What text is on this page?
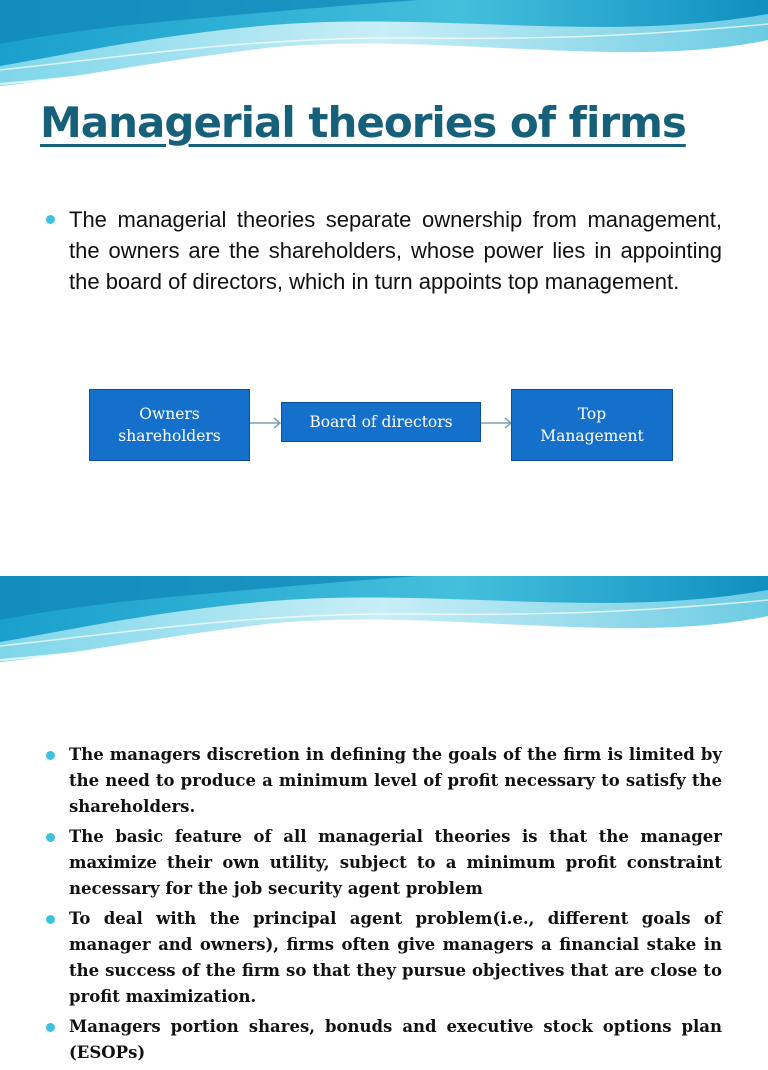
Managerial theories of firms
The managerial theories separate ownership from management, the owners are the shareholders, whose power lies in appointing the board of directors, which in turn appoints top management.
Owners
shareholders
Board of directors	Top
Management
The managers discretion in defining the goals of the firm is limited by the need to produce a minimum level of profit necessary to satisfy the shareholders.
The basic feature of all managerial theories is that the manager maximize their own utility, subject to a minimum profit constraint necessary for the job security agent problem
To deal with the principal agent problem(i.e., different goals of manager and owners), firms often give managers a financial stake in the success of the firm so that they pursue objectives that are close to profit maximization.
Managers portion shares, bonuds and executive stock options plan (ESOPs)
